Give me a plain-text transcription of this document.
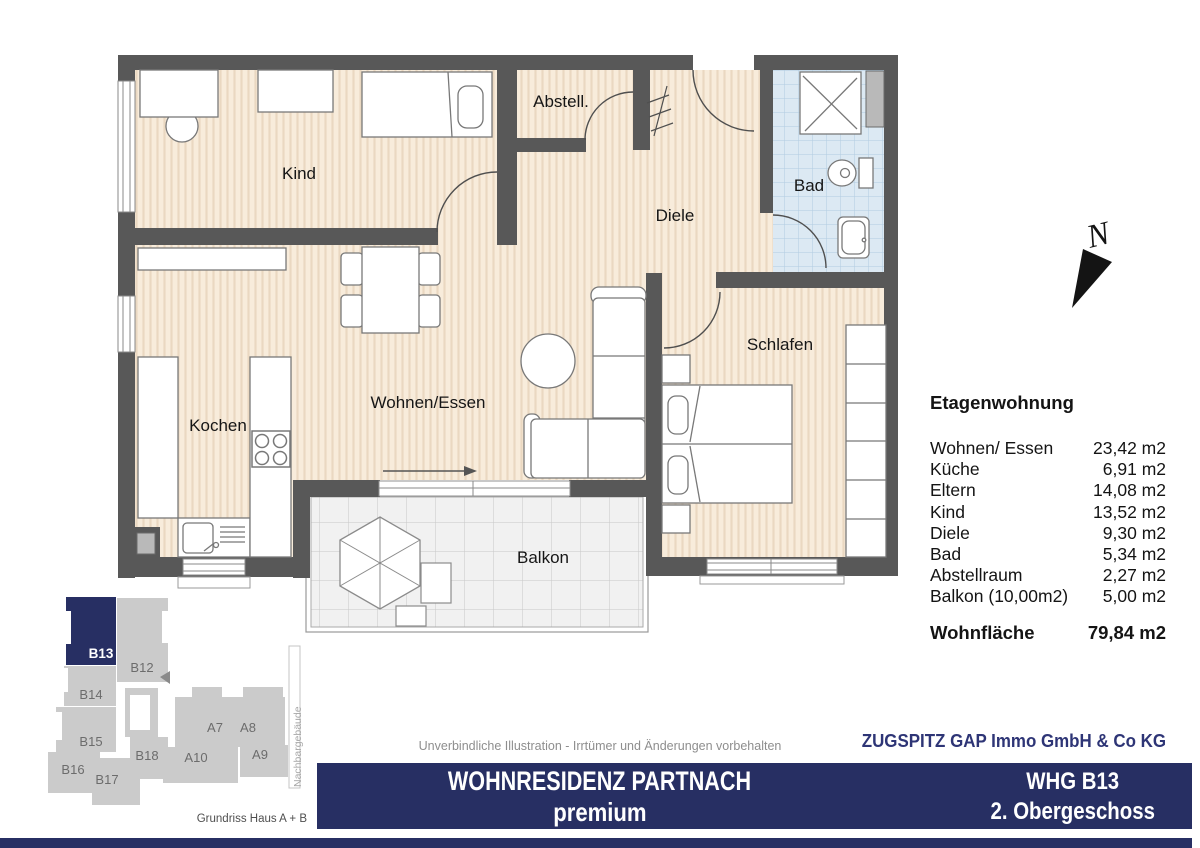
Kind
Abstell.
Diele
Bad
Schlafen
Kochen
Wohnen/Essen
Balkon
N
Nachbargebäude
B13
B12
B14
B15
B16
B17
B18
A7 A8
A9
A10
Grundriss Haus A + B
Etagenwohnung
Wohnen/ Essen 23,42 m2
Küche	6,91 m2
Eltern	14,08 m2
Kind	13,52 m2
Diele	9,30 m2
Bad	5,34 m2
Abstellraum	2,27 m2
Balkon (10,00m2) 5,00 m2
Wohnfläche	79,84 m2
Unverbindliche Illustration - Irrtümer und Änderungen vorbehalten	ZUGSPITZ GAP Immo GmbH & Co KG
WOHNRESIDENZ PARTNACH
premium
WHG B13
2. Obergeschoss
